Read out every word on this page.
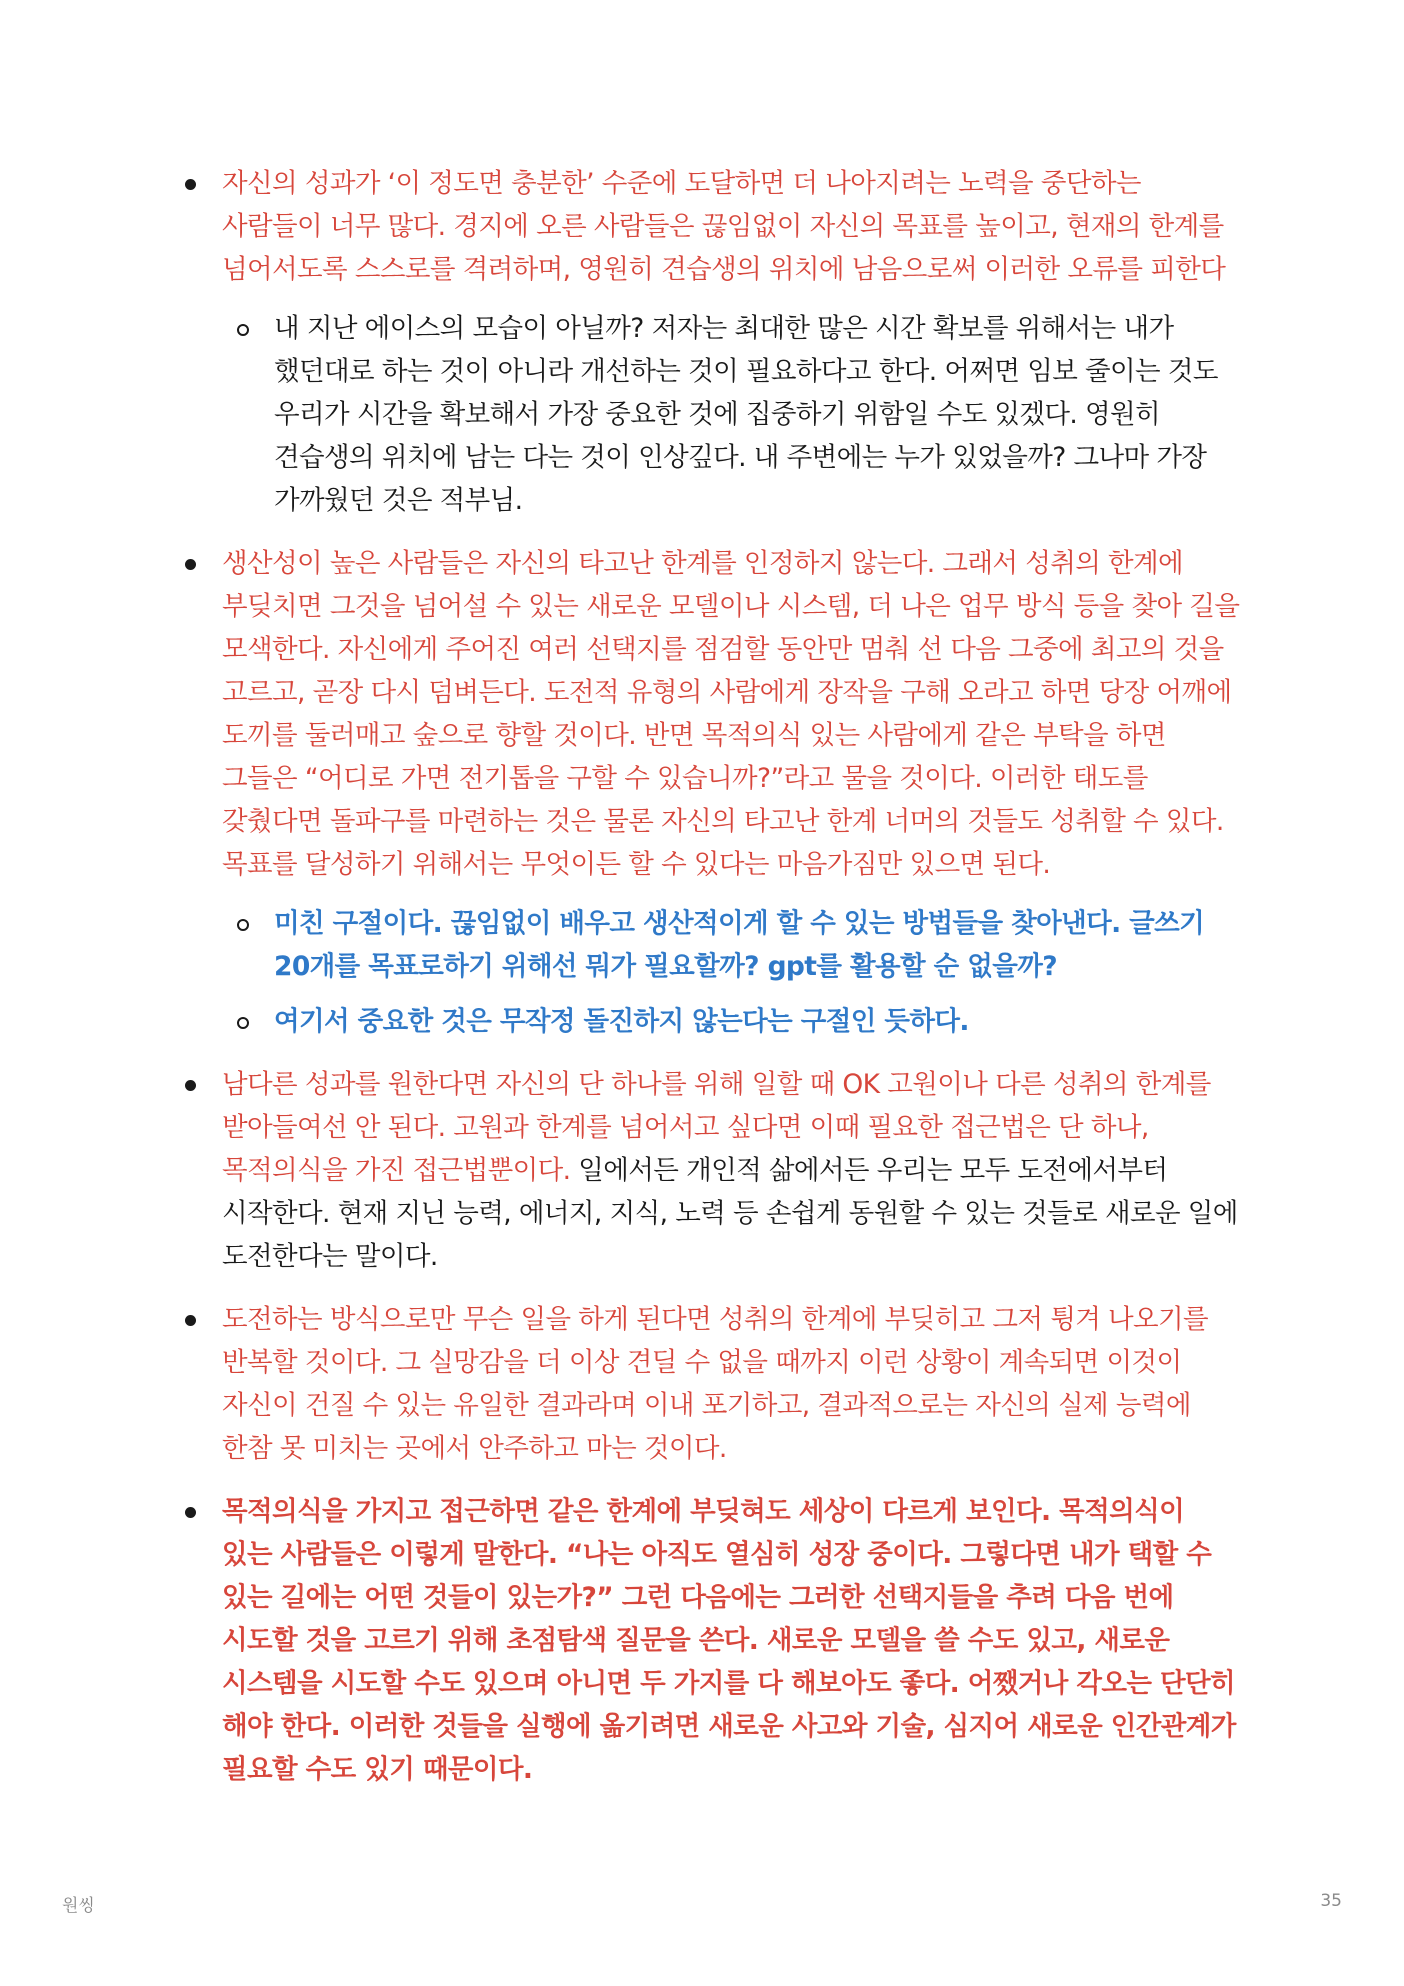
자신의 성과가 ‘이 정도면 충분한’ 수준에 도달하면 더 나아지려는 노력을 중단하는 사람들이 너무 많다. 경지에 오른 사람들은 끊임없이 자신의 목표를 높이고, 현재의 한계를 넘어서도록 스스로를 격려하며, 영원히 견습생의 위치에 남음으로써 이러한 오류를 피한다
내 지난 에이스의 모습이 아닐까? 저자는 최대한 많은 시간 확보를 위해서는 내가 했던대로 하는 것이 아니라 개선하는 것이 필요하다고 한다. 어쩌면 임보 줄이는 것도 우리가 시간을 확보해서 가장 중요한 것에 집중하기 위함일 수도 있겠다. 영원히 견습생의 위치에 남는 다는 것이 인상깊다. 내 주변에는 누가 있었을까? 그나마 가장 가까웠던 것은 적부님.
생산성이 높은 사람들은 자신의 타고난 한계를 인정하지 않는다. 그래서 성취의 한계에 부딪치면 그것을 넘어설 수 있는 새로운 모델이나 시스템, 더 나은 업무 방식 등을 찾아 길을 모색한다. 자신에게 주어진 여러 선택지를 점검할 동안만 멈춰 선 다음 그중에 최고의 것을 고르고, 곧장 다시 덤벼든다. 도전적 유형의 사람에게 장작을 구해 오라고 하면 당장 어깨에 도끼를 둘러매고 숲으로 향할 것이다. 반면 목적의식 있는 사람에게 같은 부탁을 하면 그들은 “어디로 가면 전기톱을 구할 수 있습니까?”라고 물을 것이다. 이러한 태도를 갖췄다면 돌파구를 마련하는 것은 물론 자신의 타고난 한계 너머의 것들도 성취할 수 있다. 목표를 달성하기 위해서는 무엇이든 할 수 있다는 마음가짐만 있으면 된다.
미친 구절이다. 끊임없이 배우고 생산적이게 할 수 있는 방법들을 찾아낸다. 글쓰기 20개를 목표로하기 위해선 뭐가 필요할까? gpt를 활용할 순 없을까?
여기서 중요한 것은 무작정 돌진하지 않는다는 구절인 듯하다.
남다른 성과를 원한다면 자신의 단 하나를 위해 일할 때 OK 고원이나 다른 성취의 한계를 받아들여선 안 된다. 고원과 한계를 넘어서고 싶다면 이때 필요한 접근법은 단 하나, 목적의식을 가진 접근법뿐이다. 일에서든 개인적 삶에서든 우리는 모두 도전에서부터 시작한다. 현재 지닌 능력, 에너지, 지식, 노력 등 손쉽게 동원할 수 있는 것들로 새로운 일에 도전한다는 말이다.
도전하는 방식으로만 무슨 일을 하게 된다면 성취의 한계에 부딪히고 그저 튕겨 나오기를 반복할 것이다. 그 실망감을 더 이상 견딜 수 없을 때까지 이런 상황이 계속되면 이것이 자신이 건질 수 있는 유일한 결과라며 이내 포기하고, 결과적으로는 자신의 실제 능력에 한참 못 미치는 곳에서 안주하고 마는 것이다.
목적의식을 가지고 접근하면 같은 한계에 부딪혀도 세상이 다르게 보인다. 목적의식이 있는 사람들은 이렇게 말한다. “나는 아직도 열심히 성장 중이다. 그렇다면 내가 택할 수 있는 길에는 어떤 것들이 있는가?” 그런 다음에는 그러한 선택지들을 추려 다음 번에 시도할 것을 고르기 위해 초점탐색 질문을 쓴다. 새로운 모델을 쓸 수도 있고, 새로운 시스템을 시도할 수도 있으며 아니면 두 가지를 다 해보아도 좋다. 어쨌거나 각오는 단단히 해야 한다. 이러한 것들을 실행에 옮기려면 새로운 사고와 기술, 심지어 새로운 인간관계가 필요할 수도 있기 때문이다.
원씽	35
